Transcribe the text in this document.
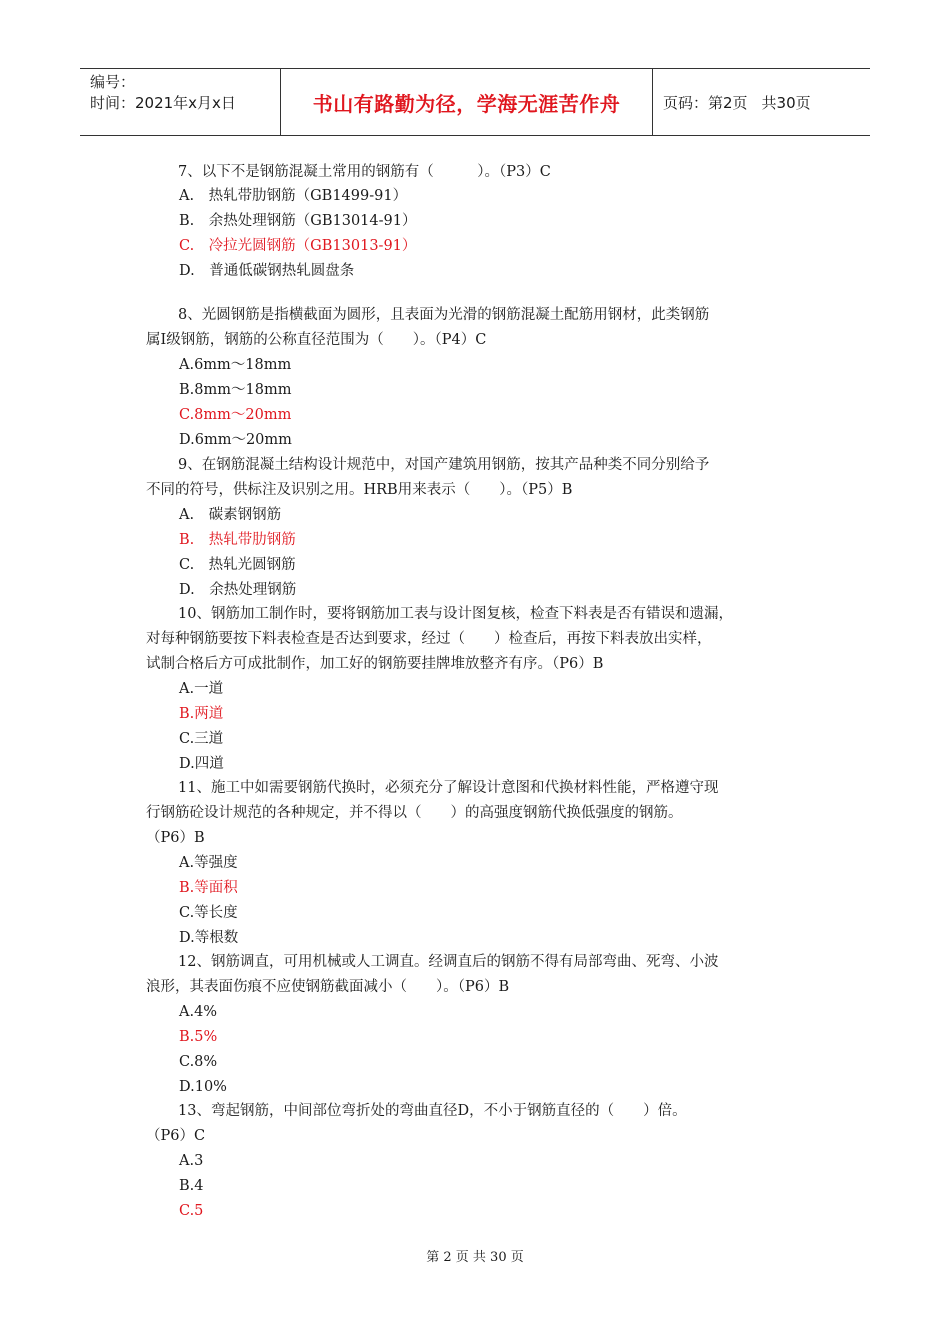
编号：
时间：2021年x月x日	书山有路勤为径，学海无涯苦作舟	页码：第2页 共30页
7、以下不是钢筋混凝土常用的钢筋有（　　　）。（P3）C
A.　热轧带肋钢筋（GB1499-91）
B.　余热处理钢筋（GB13014-91）
C.　冷拉光圆钢筋（GB13013-91）
D.　普通低碳钢热轧圆盘条
8、光圆钢筋是指横截面为圆形，且表面为光滑的钢筋混凝土配筋用钢材，此类钢筋
属Ⅰ级钢筋，钢筋的公称直径范围为（　　）。（P4）C
A.6mm～18mm
B.8mm～18mm
C.8mm～20mm
D.6mm～20mm
9、在钢筋混凝土结构设计规范中，对国产建筑用钢筋，按其产品种类不同分别给予
不同的符号，供标注及识别之用。HRB用来表示（　　）。（P5）B
A.　碳素钢钢筋
B.　热轧带肋钢筋
C.　热轧光圆钢筋
D.　余热处理钢筋
10、钢筋加工制作时，要将钢筋加工表与设计图复核，检查下料表是否有错误和遗漏，
对每种钢筋要按下料表检查是否达到要求，经过（　　）检查后，再按下料表放出实样，
试制合格后方可成批制作，加工好的钢筋要挂牌堆放整齐有序。（P6）B
A.一道
B.两道
C.三道
D.四道
11、施工中如需要钢筋代换时，必须充分了解设计意图和代换材料性能，严格遵守现
行钢筋砼设计规范的各种规定，并不得以（　　）的高强度钢筋代换低强度的钢筋。
（P6）B
A.等强度
B.等面积
C.等长度
D.等根数
12、钢筋调直，可用机械或人工调直。经调直后的钢筋不得有局部弯曲、死弯、小波
浪形，其表面伤痕不应使钢筋截面减小（　　）。（P6）B
A.4%
B.5%
C.8%
D.10%
13、弯起钢筋，中间部位弯折处的弯曲直径D，不小于钢筋直径的（　　）倍。
（P6）C
A.3
B.4
C.5
第 2 页 共 30 页
